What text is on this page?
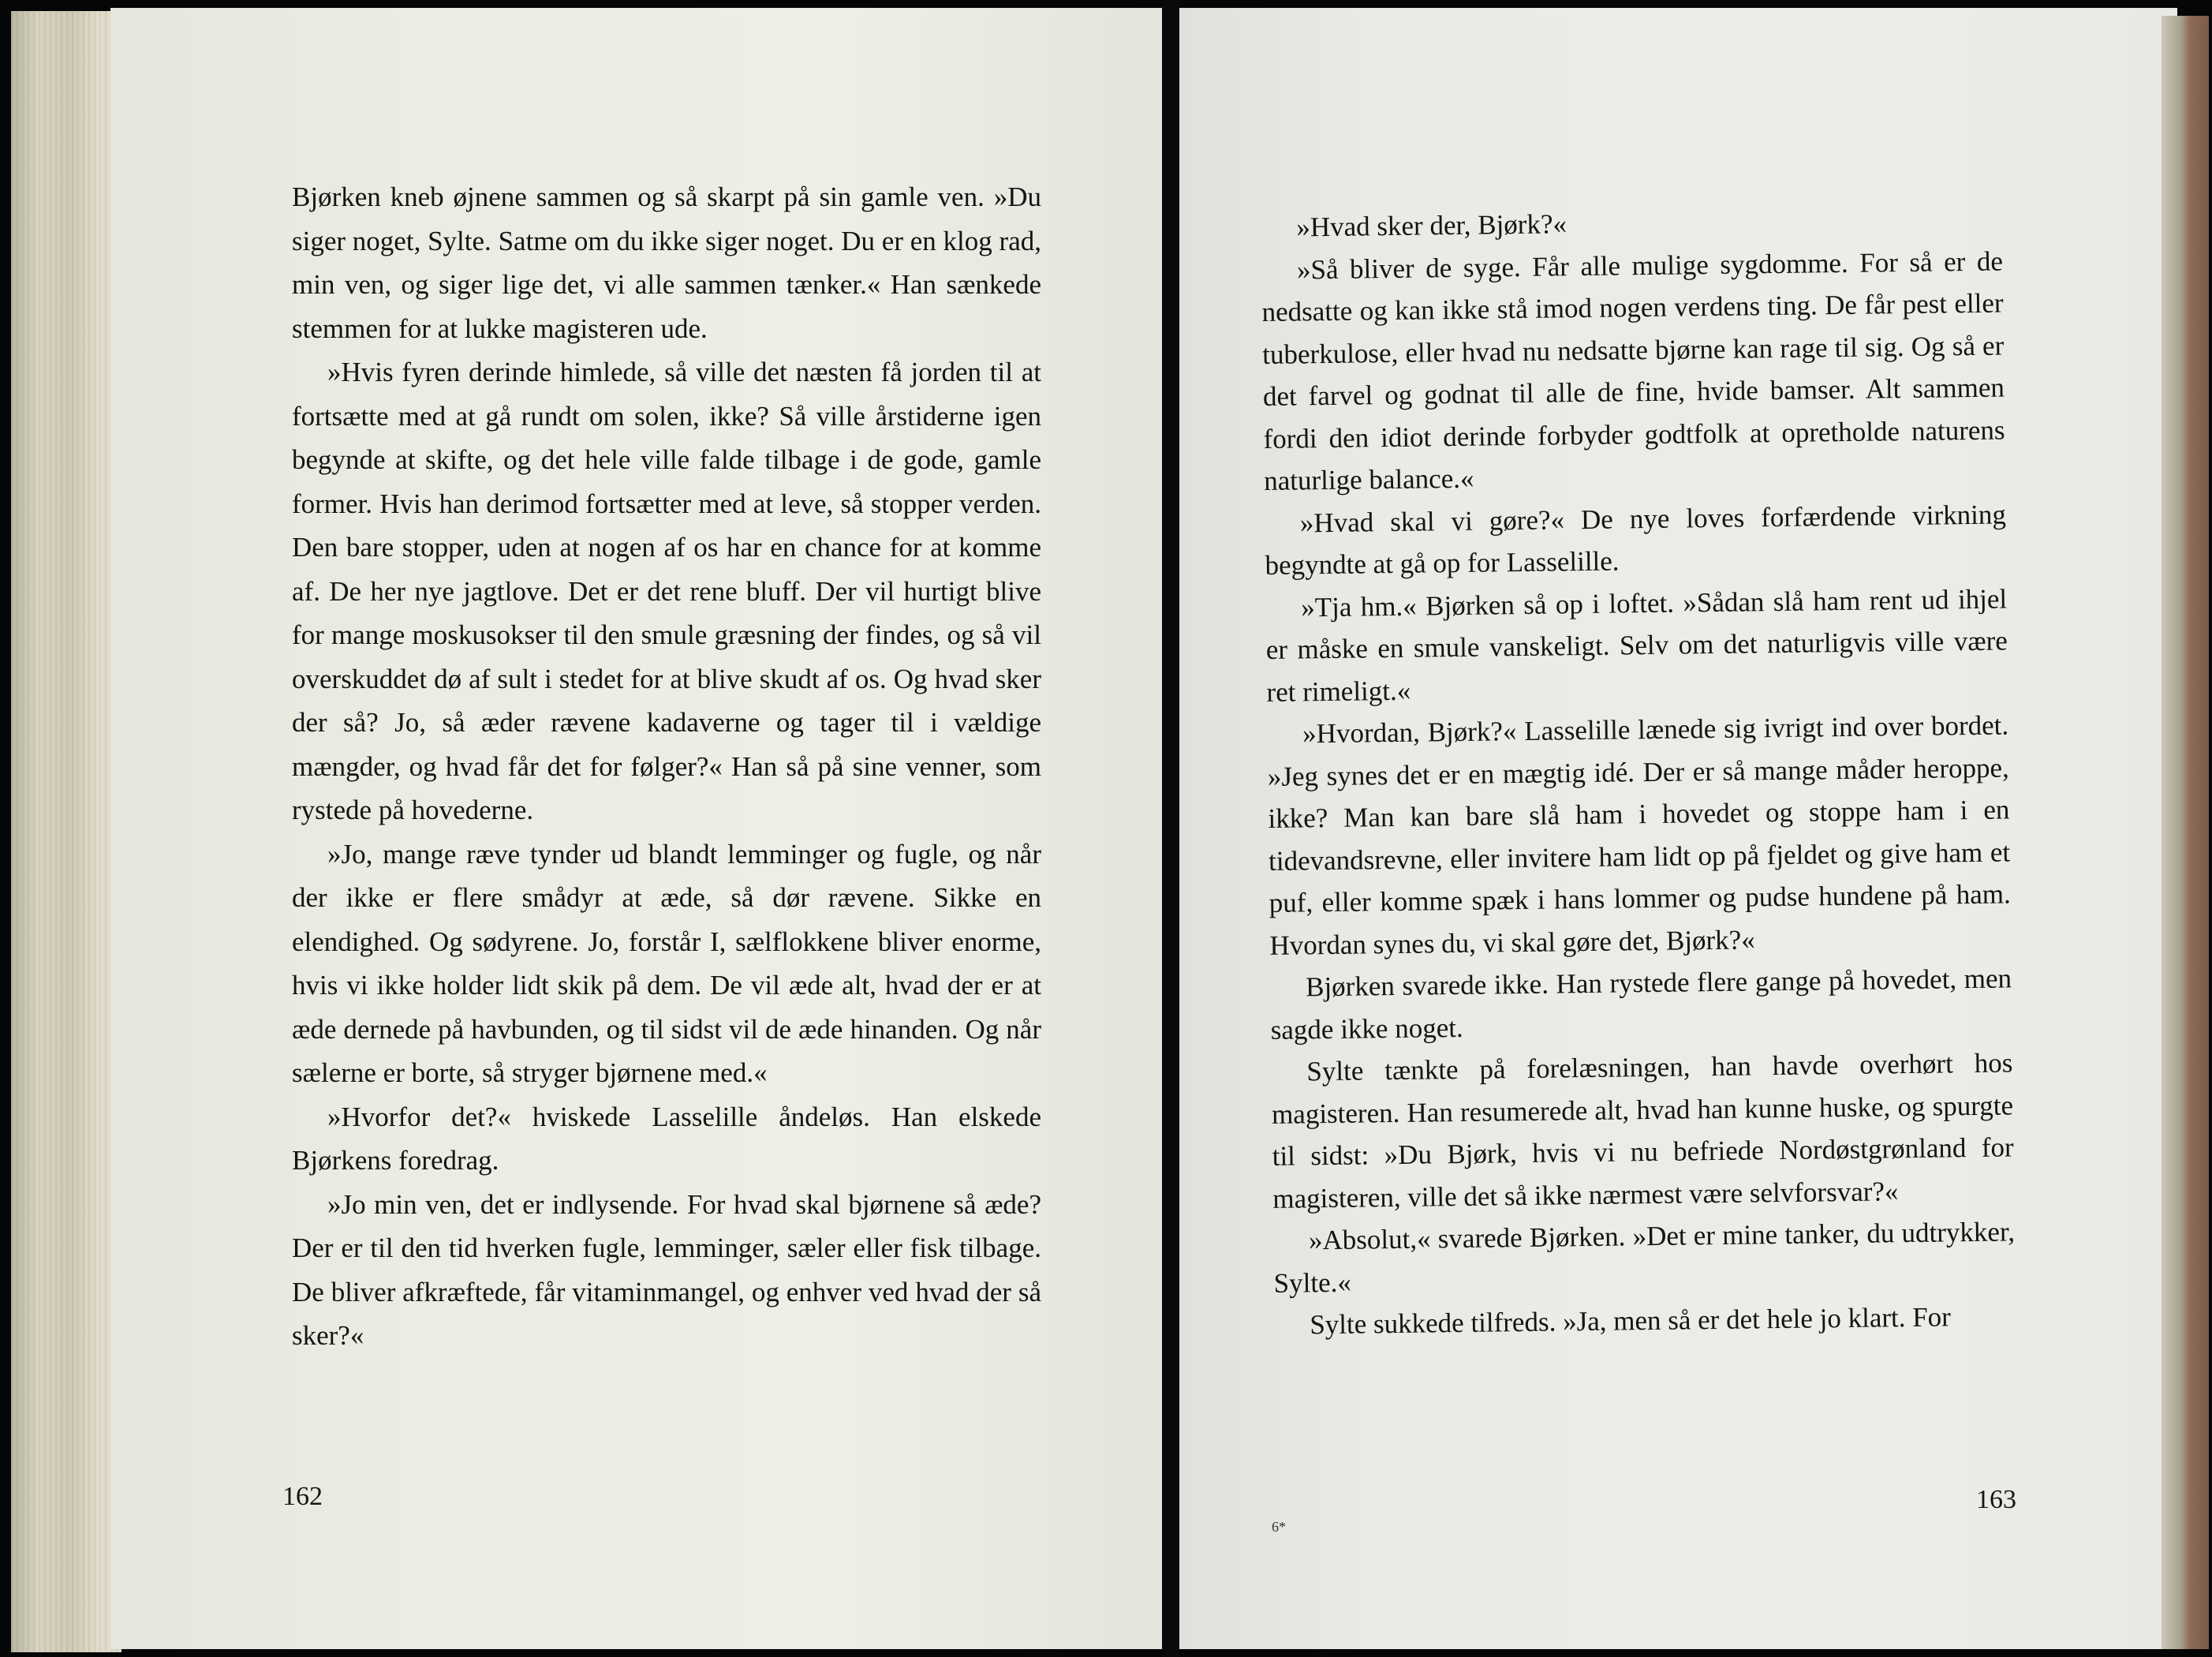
Bjørken kneb øjnene sammen og så skarpt på sin gamle ven. »Du siger noget, Sylte. Satme om du ikke siger noget. Du er en klog rad, min ven, og siger lige det, vi alle sammen tænker.« Han sænkede stemmen for at lukke magisteren ude.

»Hvis fyren derinde himlede, så ville det næsten få jorden til at fortsætte med at gå rundt om solen, ikke? Så ville årstiderne igen begynde at skifte, og det hele ville falde tilbage i de gode, gamle former. Hvis han derimod fortsætter med at leve, så stopper verden. Den bare stopper, uden at nogen af os har en chance for at komme af. De her nye jagtlove. Det er det rene bluff. Der vil hurtigt blive for mange moskusokser til den smule græsning der findes, og så vil overskuddet dø af sult i stedet for at blive skudt af os. Og hvad sker der så? Jo, så æder rævene kadaverne og tager til i vældige mængder, og hvad får det for følger?« Han så på sine venner, som rystede på hovederne.

»Jo, mange ræve tynder ud blandt lemminger og fugle, og når der ikke er flere smådyr at æde, så dør rævene. Sikke en elendighed. Og sødyrene. Jo, forstår I, sælflokkene bliver enorme, hvis vi ikke holder lidt skik på dem. De vil æde alt, hvad der er at æde dernede på havbunden, og til sidst vil de æde hinanden. Og når sælerne er borte, så stryger bjørnene med.«

»Hvorfor det?« hviskede Lasselille åndeløs. Han elskede Bjørkens foredrag.

»Jo min ven, det er indlysende. For hvad skal bjørnene så æde? Der er til den tid hverken fugle, lemminger, sæler eller fisk tilbage. De bliver afkræftede, får vitaminmangel, og enhver ved hvad der så sker?«

162

»Hvad sker der, Bjørk?«

»Så bliver de syge. Får alle mulige sygdomme. For så er de nedsatte og kan ikke stå imod nogen verdens ting. De får pest eller tuberkulose, eller hvad nu nedsatte bjørne kan rage til sig. Og så er det farvel og godnat til alle de fine, hvide bamser. Alt sammen fordi den idiot derinde forbyder godtfolk at opretholde naturens naturlige balance.«

»Hvad skal vi gøre?« De nye loves forfærdende virkning begyndte at gå op for Lasselille.

»Tja hm.« Bjørken så op i loftet. »Sådan slå ham rent ud ihjel er måske en smule vanskeligt. Selv om det naturligvis ville være ret rimeligt.«

»Hvordan, Bjørk?« Lasselille lænede sig ivrigt ind over bordet. »Jeg synes det er en mægtig idé. Der er så mange måder heroppe, ikke? Man kan bare slå ham i hovedet og stoppe ham i en tidevandsrevne, eller invitere ham lidt op på fjeldet og give ham et puf, eller komme spæk i hans lommer og pudse hundene på ham. Hvordan synes du, vi skal gøre det, Bjørk?«

Bjørken svarede ikke. Han rystede flere gange på hovedet, men sagde ikke noget.

Sylte tænkte på forelæsningen, han havde overhørt hos magisteren. Han resumerede alt, hvad han kunne huske, og spurgte til sidst: »Du Bjørk, hvis vi nu befriede Nordøstgrønland for magisteren, ville det så ikke nærmest være selvforsvar?«

»Absolut,« svarede Bjørken. »Det er mine tanker, du udtrykker, Sylte.«

Sylte sukkede tilfreds. »Ja, men så er det hele jo klart. For

6*
163
